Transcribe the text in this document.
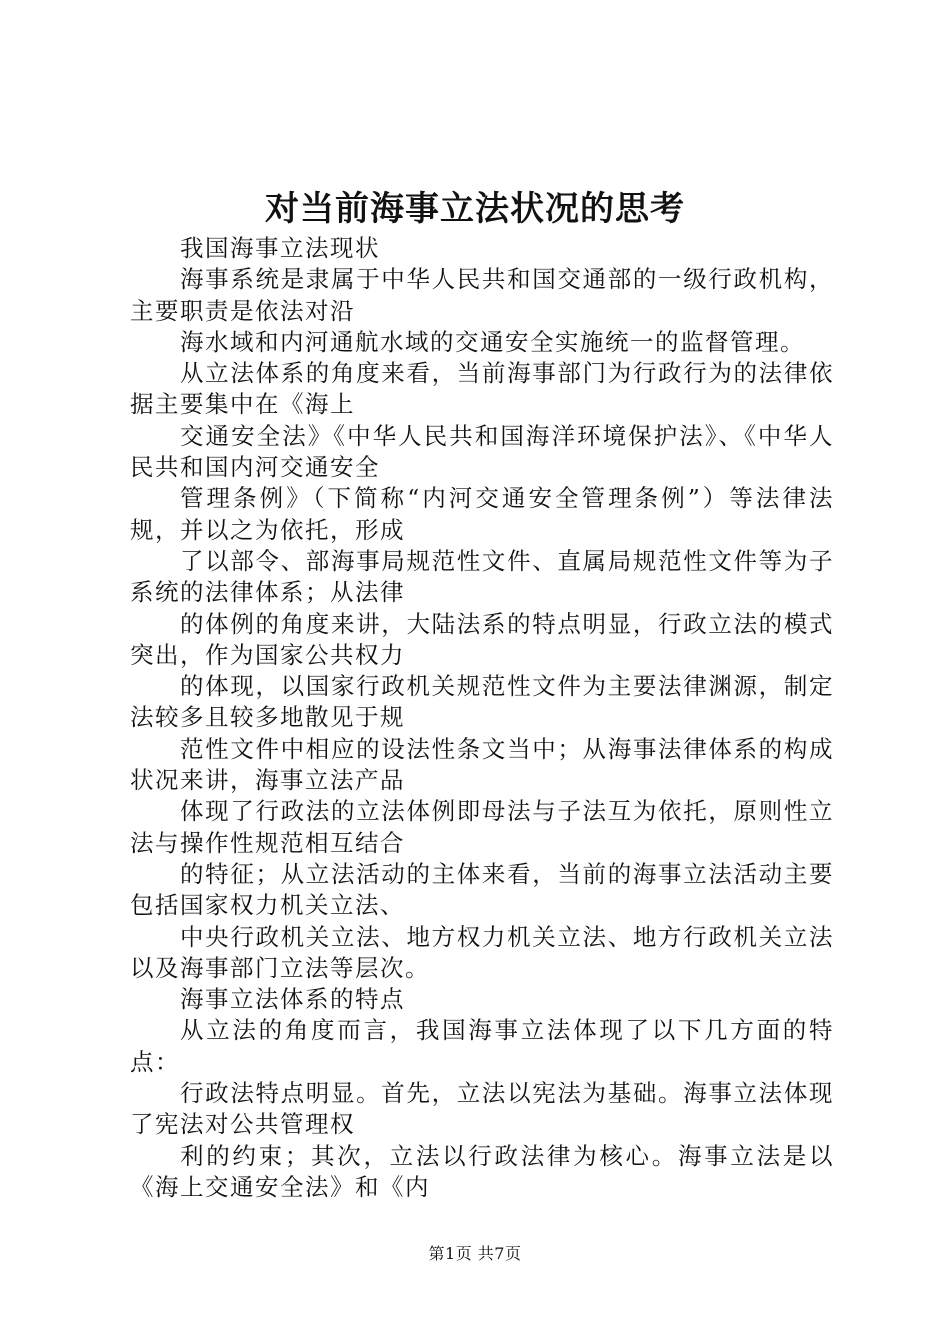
对当前海事立法状况的思考

我国海事立法现状

海事系统是隶属于中华人民共和国交通部的一级行政机构，主要职责是依法对沿

海水域和内河通航水域的交通安全实施统一的监督管理。

从立法体系的角度来看，当前海事部门为行政行为的法律依据主要集中在《海上

交通安全法》《中华人民共和国海洋环境保护法》、《中华人民共和国内河交通安全

管理条例》（下简称“内河交通安全管理条例”）等法律法规，并以之为依托，形成

了以部令、部海事局规范性文件、直属局规范性文件等为子系统的法律体系；从法律

的体例的角度来讲，大陆法系的特点明显，行政立法的模式突出，作为国家公共权力

的体现，以国家行政机关规范性文件为主要法律渊源，制定法较多且较多地散见于规

范性文件中相应的设法性条文当中；从海事法律体系的构成状况来讲，海事立法产品

体现了行政法的立法体例即母法与子法互为依托，原则性立法与操作性规范相互结合

的特征；从立法活动的主体来看，当前的海事立法活动主要包括国家权力机关立法、

中央行政机关立法、地方权力机关立法、地方行政机关立法以及海事部门立法等层次。

海事立法体系的特点

从立法的角度而言，我国海事立法体现了以下几方面的特点：

行政法特点明显。首先，立法以宪法为基础。海事立法体现了宪法对公共管理权

利的约束；其次，立法以行政法律为核心。海事立法是以《海上交通安全法》和《内

第1页 共7页
